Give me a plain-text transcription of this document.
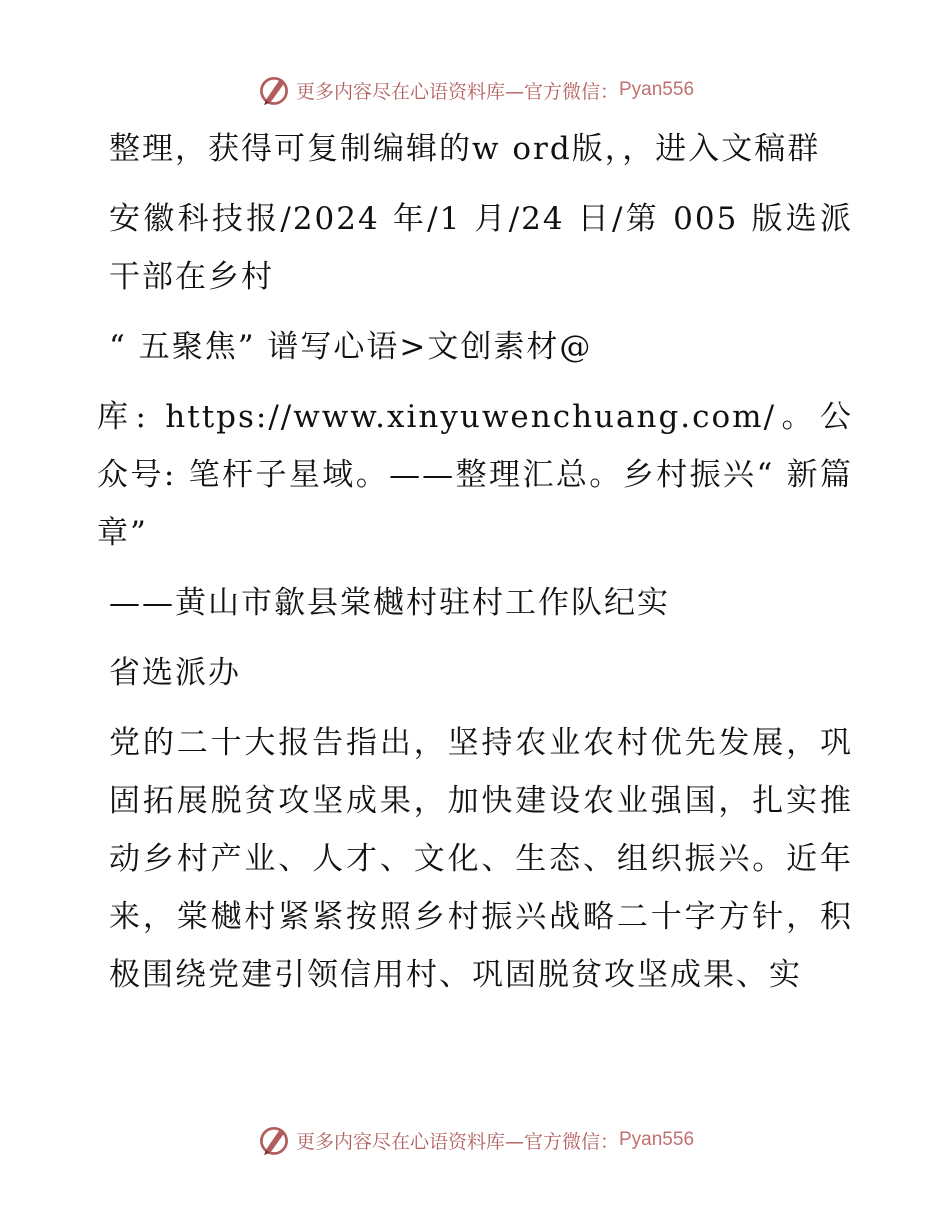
更多内容尽在心语资料库—官方微信： Pyan556

整理，获得可复制编辑的w ord版，，进入文稿群

安徽科技报/2024 年/1 月/24 日/第 005 版选派干部在乡村

“ 五聚焦” 谱写心语>文创素材@

库: https://www.xinyuwenchuang.com/。公众号: 笔杆子星域。——整理汇总。乡村振兴“ 新篇章”

——黄山市歙县棠樾村驻村工作队纪实

省选派办

党的二十大报告指出，坚持农业农村优先发展，巩固拓展脱贫攻坚成果，加快建设农业强国，扎实推动乡村产业、人才、文化、生态、组织振兴。近年来，棠樾村紧紧按照乡村振兴战略二十字方针，积极围绕党建引领信用村、巩固脱贫攻坚成果、实

更多内容尽在心语资料库—官方微信： Pyan556
